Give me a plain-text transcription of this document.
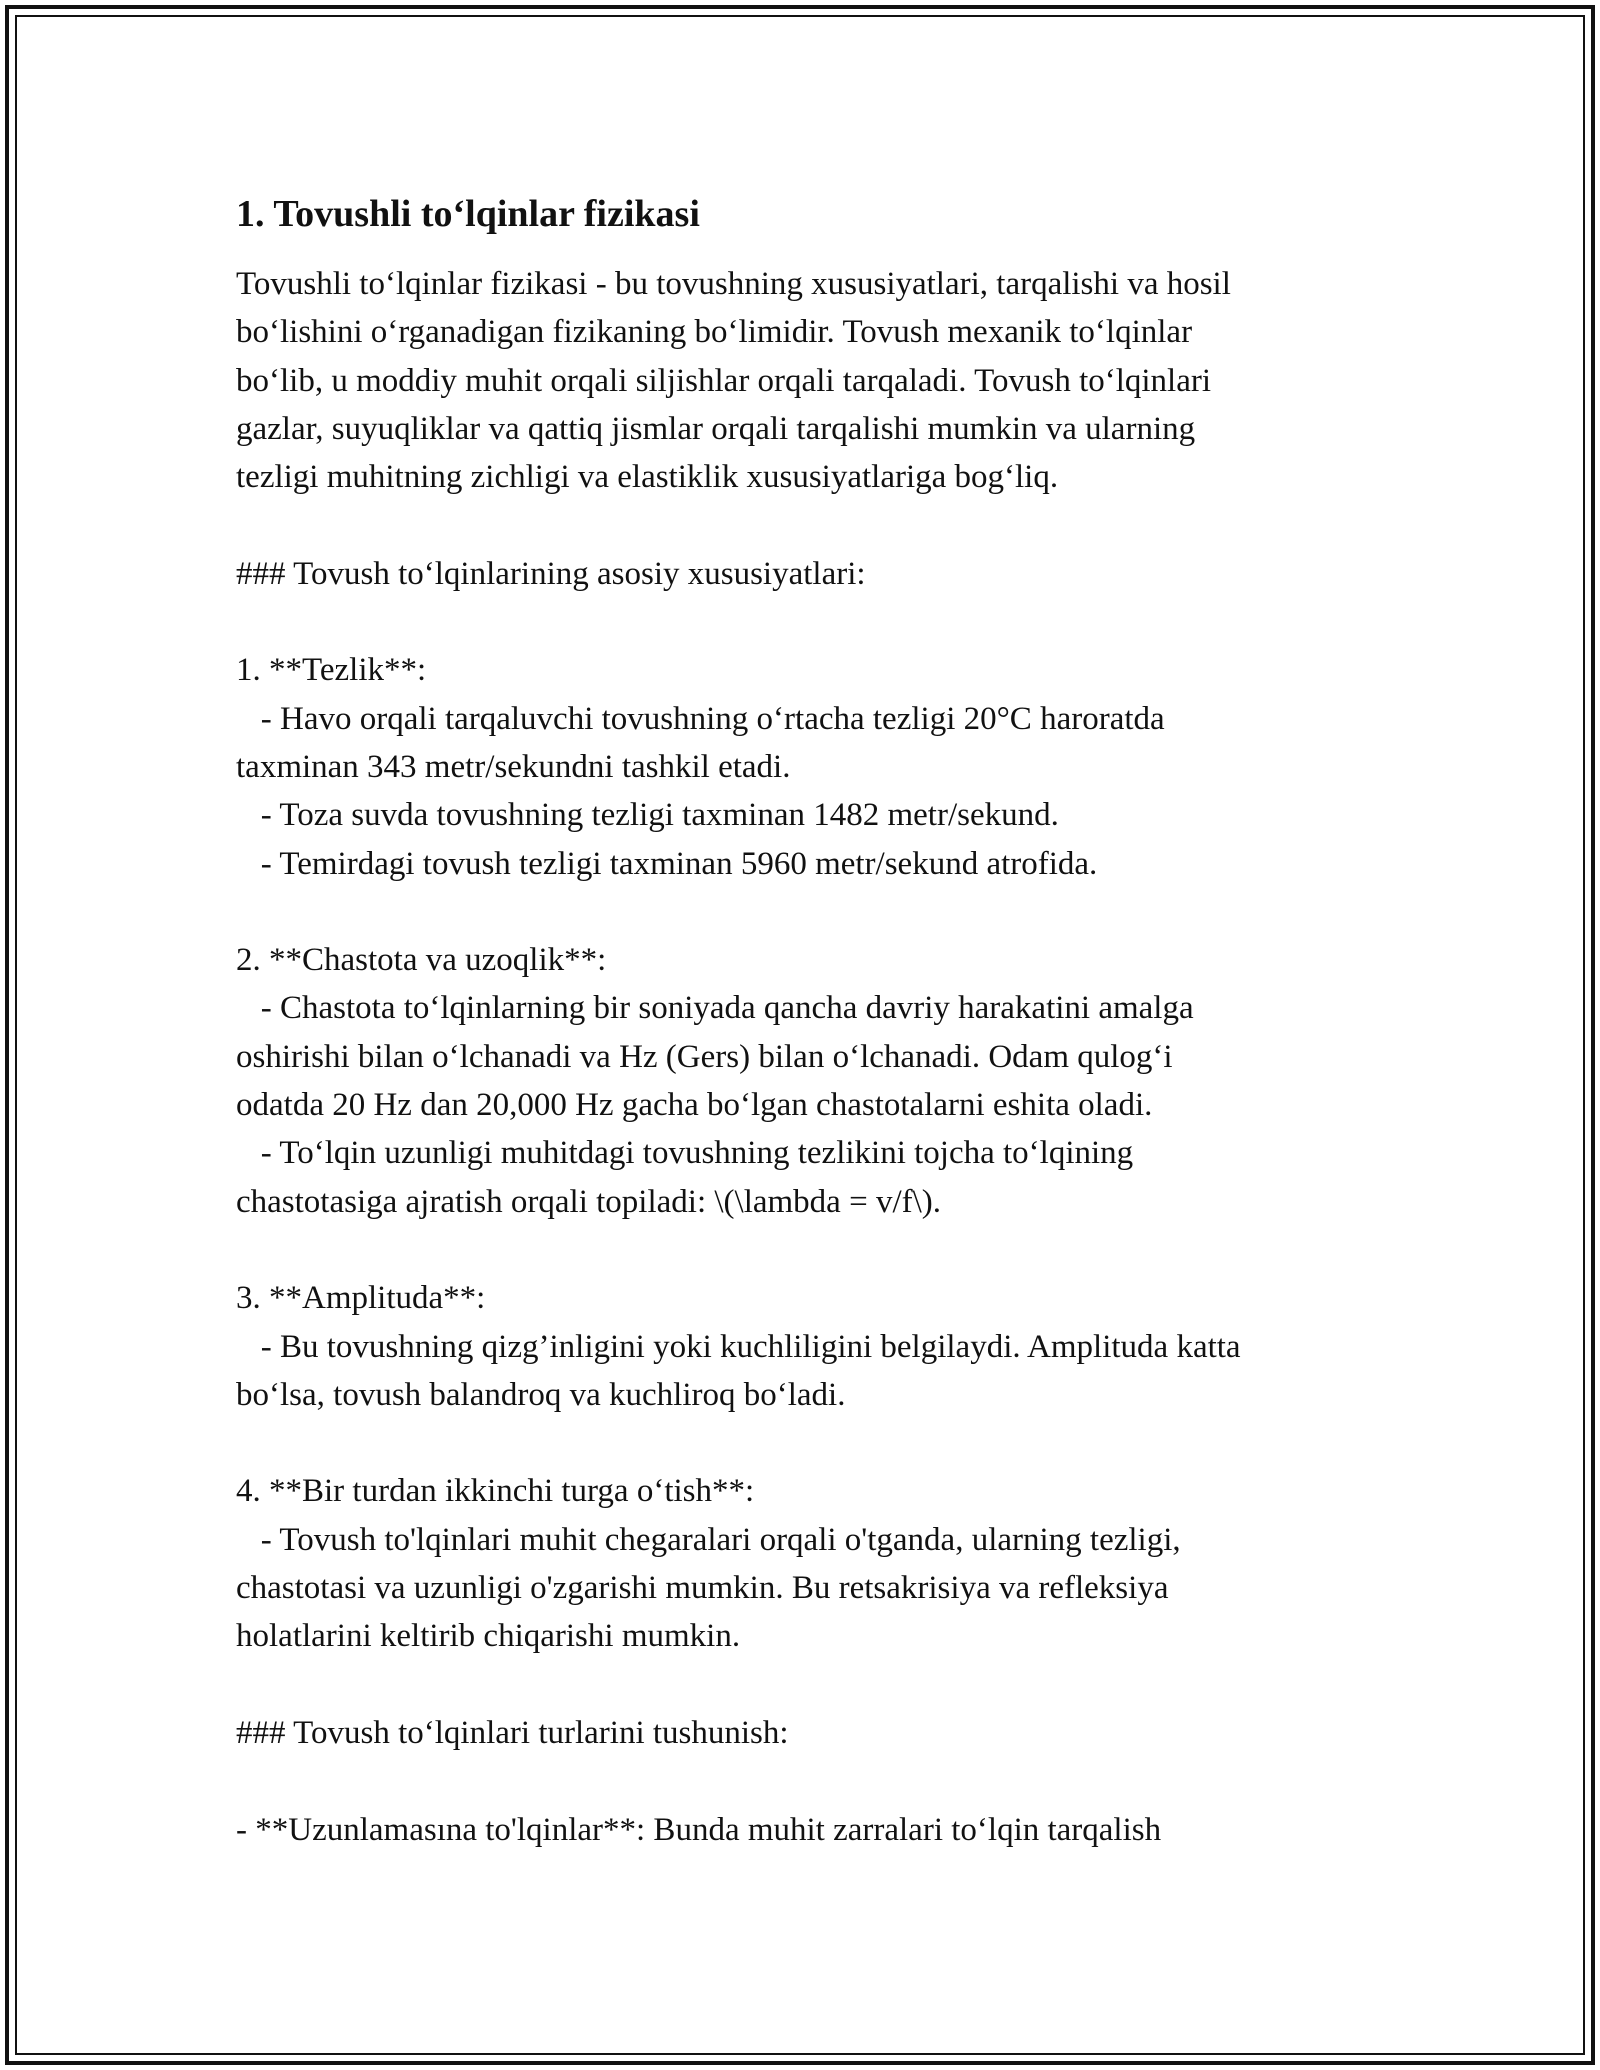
1. Tovushli to‘lqinlar fizikasi
Tovushli to‘lqinlar fizikasi - bu tovushning xususiyatlari, tarqalishi va hosil
bo‘lishini o‘rganadigan fizikaning bo‘limidir. Tovush mexanik to‘lqinlar
bo‘lib, u moddiy muhit orqali siljishlar orqali tarqaladi. Tovush to‘lqinlari
gazlar, suyuqliklar va qattiq jismlar orqali tarqalishi mumkin va ularning
tezligi muhitning zichligi va elastiklik xususiyatlariga bog‘liq.
### Tovush to‘lqinlarining asosiy xususiyatlari:
1. **Tezlik**:
- Havo orqali tarqaluvchi tovushning o‘rtacha tezligi 20°C haroratda
taxminan 343 metr/sekundni tashkil etadi.
- Toza suvda tovushning tezligi taxminan 1482 metr/sekund.
- Temirdagi tovush tezligi taxminan 5960 metr/sekund atrofida.
2. **Chastota va uzoqlik**:
- Chastota to‘lqinlarning bir soniyada qancha davriy harakatini amalga
oshirishi bilan o‘lchanadi va Hz (Gers) bilan o‘lchanadi. Odam qulog‘i
odatda 20 Hz dan 20,000 Hz gacha bo‘lgan chastotalarni eshita oladi.
- To‘lqin uzunligi muhitdagi tovushning tezlikini tojcha to‘lqining
chastotasiga ajratish orqali topiladi: \(\lambda = v/f\).
3. **Amplituda**:
- Bu tovushning qizg’inligini yoki kuchliligini belgilaydi. Amplituda katta
bo‘lsa, tovush balandroq va kuchliroq bo‘ladi.
4. **Bir turdan ikkinchi turga o‘tish**:
- Tovush to'lqinlari muhit chegaralari orqali o'tganda, ularning tezligi,
chastotasi va uzunligi o'zgarishi mumkin. Bu retsakrisiya va refleksiya
holatlarini keltirib chiqarishi mumkin.
### Tovush to‘lqinlari turlarini tushunish:
- **Uzunlamasına to'lqinlar**: Bunda muhit zarralari to‘lqin tarqalish
